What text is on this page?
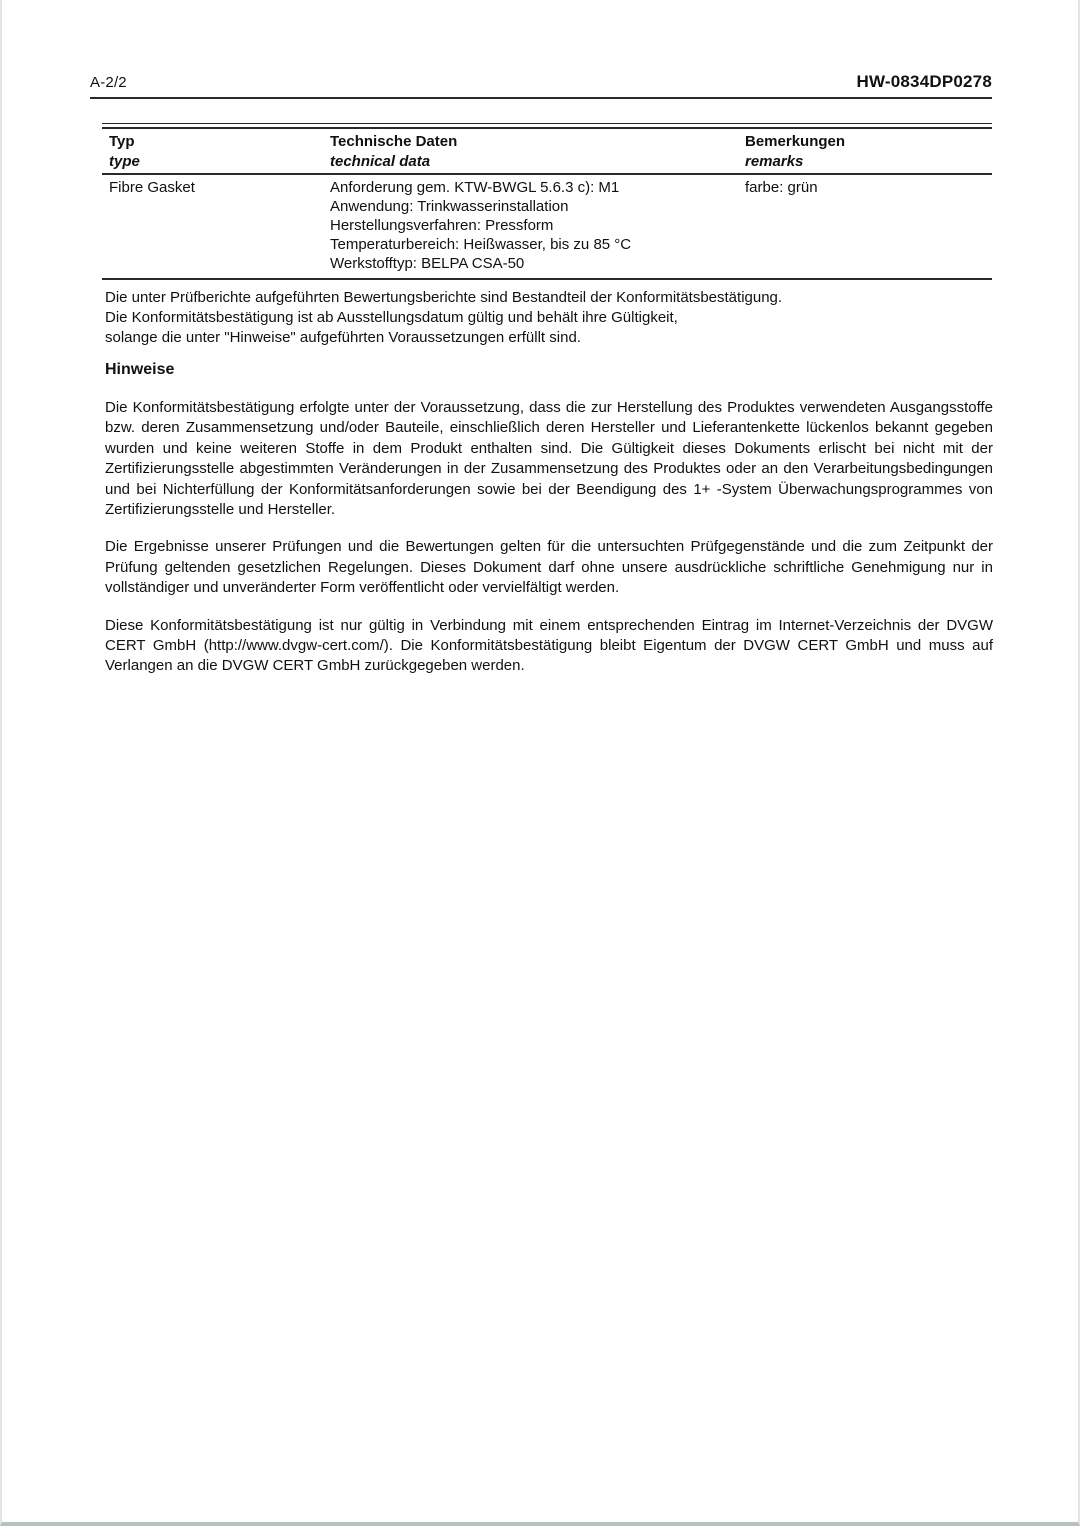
A-2/2	HW-0834DP0278
Typ
type
Technische Daten
technical data
Bemerkungen
remarks
Fibre Gasket	Anforderung gem. KTW-BWGL 5.6.3 c): M1
Anwendung: Trinkwasserinstallation
Herstellungsverfahren: Pressform
Temperaturbereich: Heißwasser, bis zu 85 °C
Werkstofftyp: BELPA CSA-50
farbe: grün
Die unter Prüfberichte aufgeführten Bewertungsberichte sind Bestandteil der Konformitätsbestätigung.
Die Konformitätsbestätigung ist ab Ausstellungsdatum gültig und behält ihre Gültigkeit,
solange die unter "Hinweise" aufgeführten Voraussetzungen erfüllt sind.
Hinweise

Die Konformitätsbestätigung erfolgte unter der Voraussetzung, dass die zur Herstellung des Produktes verwendeten Ausgangsstoffe bzw. deren Zusammensetzung und/oder Bauteile, einschließlich deren Hersteller und Lieferantenkette lückenlos bekannt gegeben wurden und keine weiteren Stoffe in dem Produkt enthalten sind. Die Gültigkeit dieses Dokuments erlischt bei nicht mit der Zertifizierungsstelle abgestimmten Veränderungen in der Zusammensetzung des Produktes oder an den Verarbeitungsbedingungen und bei Nichterfüllung der Konformitätsanforderungen sowie bei der Beendigung des 1+ -System Überwachungsprogrammes von Zertifizierungsstelle und Hersteller.

Die Ergebnisse unserer Prüfungen und die Bewertungen gelten für die untersuchten Prüfgegenstände und die zum Zeitpunkt der Prüfung geltenden gesetzlichen Regelungen. Dieses Dokument darf ohne unsere ausdrückliche schriftliche Genehmigung nur in vollständiger und unveränderter Form veröffentlicht oder vervielfältigt werden.

Diese Konformitätsbestätigung ist nur gültig in Verbindung mit einem entsprechenden Eintrag im Internet-Verzeichnis der DVGW CERT GmbH (http://www.dvgw-cert.com/). Die Konformitätsbestätigung bleibt Eigentum der DVGW CERT GmbH und muss auf Verlangen an die DVGW CERT GmbH zurückgegeben werden.
